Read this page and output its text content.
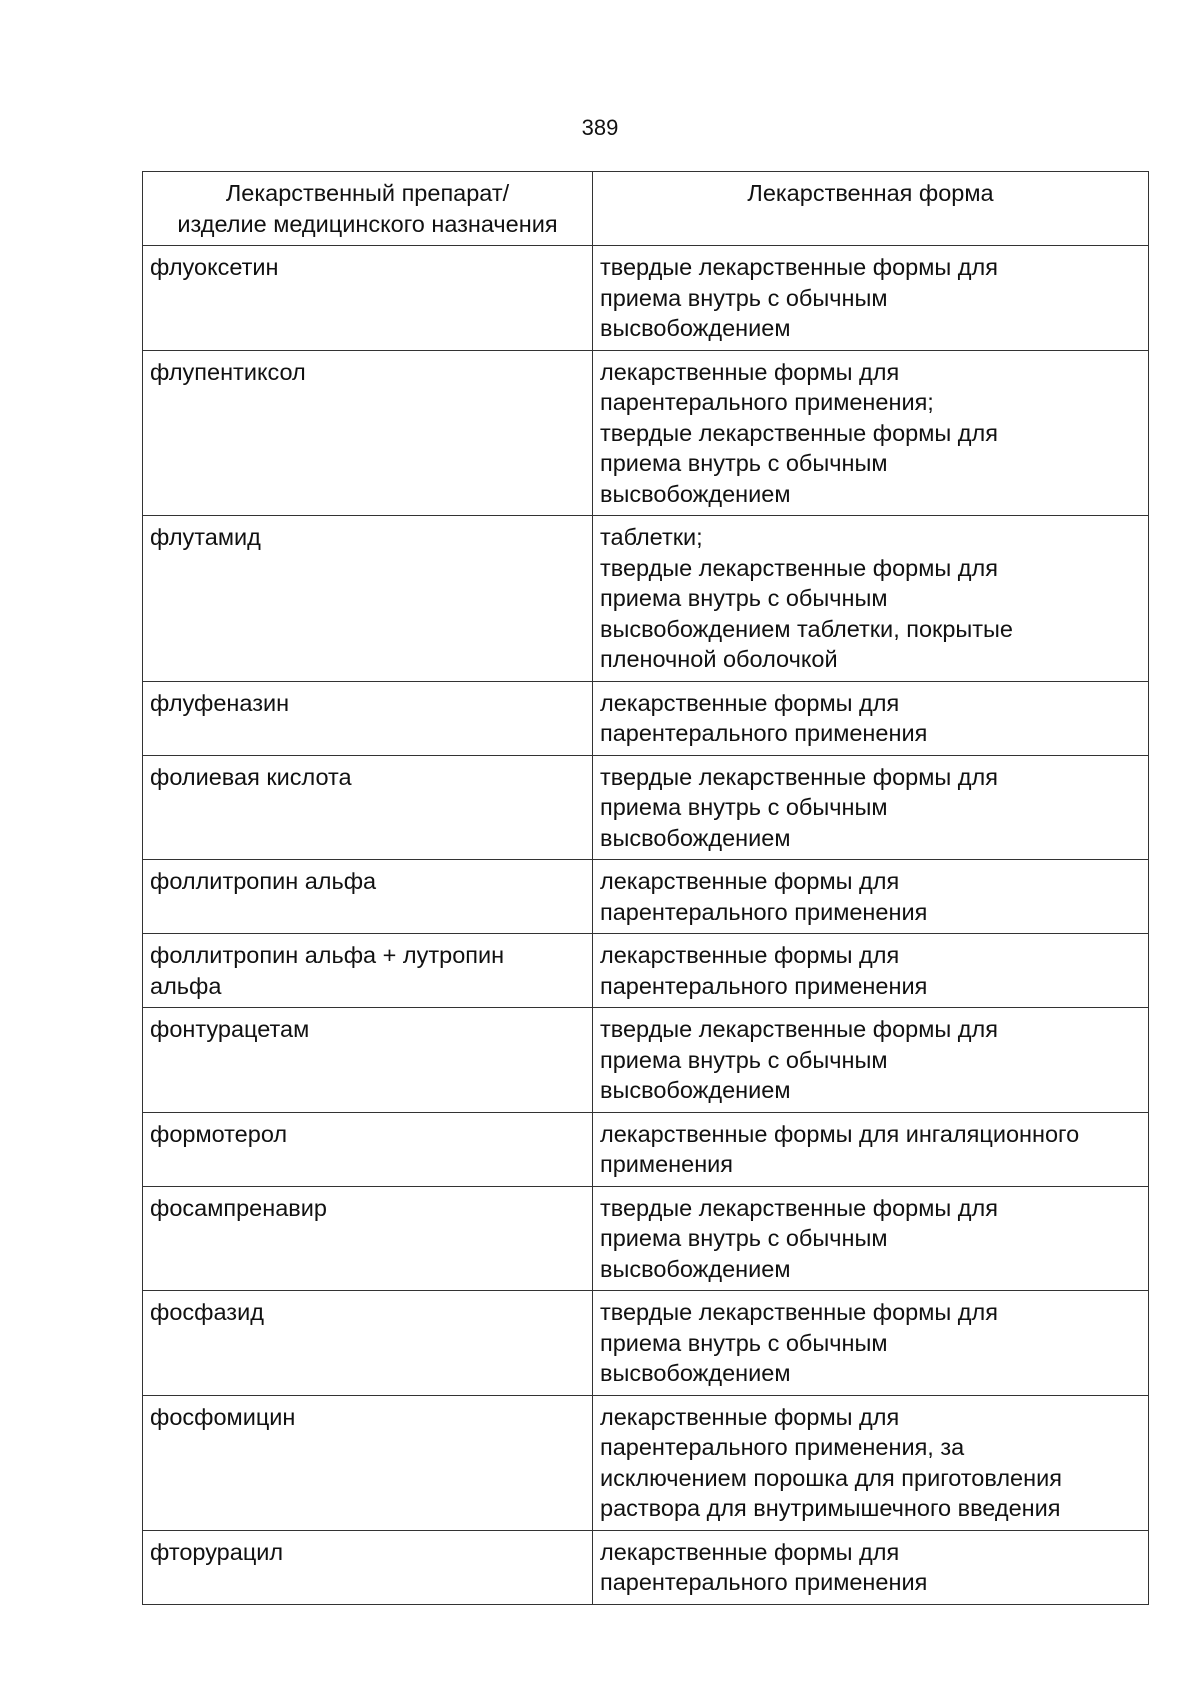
389
Лекарственный препарат/
изделие медицинского назначения	Лекарственная форма
флуоксетин	твердые лекарственные формы для
приема внутрь с обычным
высвобождением
флупентиксол	лекарственные формы для
парентерального применения;
твердые лекарственные формы для
приема внутрь с обычным
высвобождением
флутамид	таблетки;
твердые лекарственные формы для
приема внутрь с обычным
высвобождением таблетки, покрытые
пленочной оболочкой
флуфеназин	лекарственные формы для
парентерального применения
фолиевая кислота	твердые лекарственные формы для
приема внутрь с обычным
высвобождением
фоллитропин альфа	лекарственные формы для
парентерального применения
фоллитропин альфа + лутропин
альфа	лекарственные формы для
парентерального применения
фонтурацетам	твердые лекарственные формы для
приема внутрь с обычным
высвобождением
формотерол	лекарственные формы для ингаляционного
применения
фосампренавир	твердые лекарственные формы для
приема внутрь с обычным
высвобождением
фосфазид	твердые лекарственные формы для
приема внутрь с обычным
высвобождением
фосфомицин	лекарственные формы для
парентерального применения, за
исключением порошка для приготовления
раствора для внутримышечного введения
фторурацил	лекарственные формы для
парентерального применения
